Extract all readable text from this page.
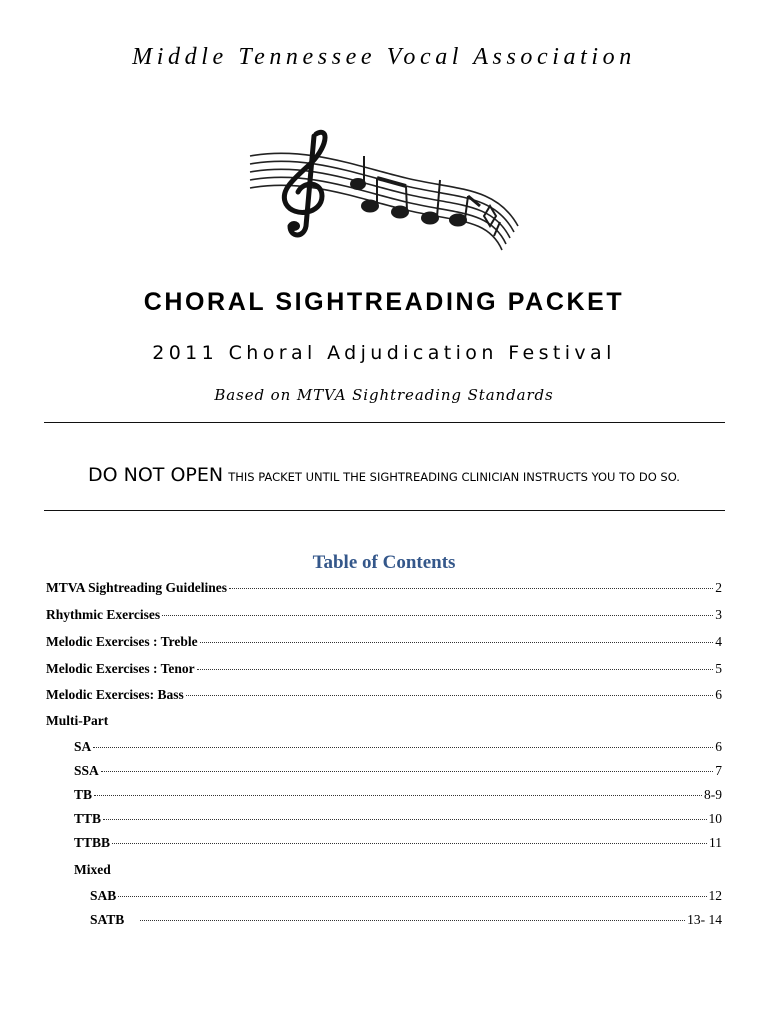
Middle Tennessee Vocal Association
CHORAL SIGHTREADING PACKET
2011 Choral Adjudication Festival
Based on MTVA Sightreading Standards
DO NOT OPEN THIS PACKET UNTIL THE SIGHTREADING CLINICIAN INSTRUCTS YOU TO DO SO.
Table of Contents
MTVA Sightreading Guidelines	2
Rhythmic Exercises	3
Melodic Exercises : Treble	4
Melodic Exercises : Tenor	5
Melodic Exercises: Bass	6
Multi-Part
SA	6
SSA	7
TB	8-9
TTB	10
TTBB	11
Mixed
SAB	12
SATB	13- 14
